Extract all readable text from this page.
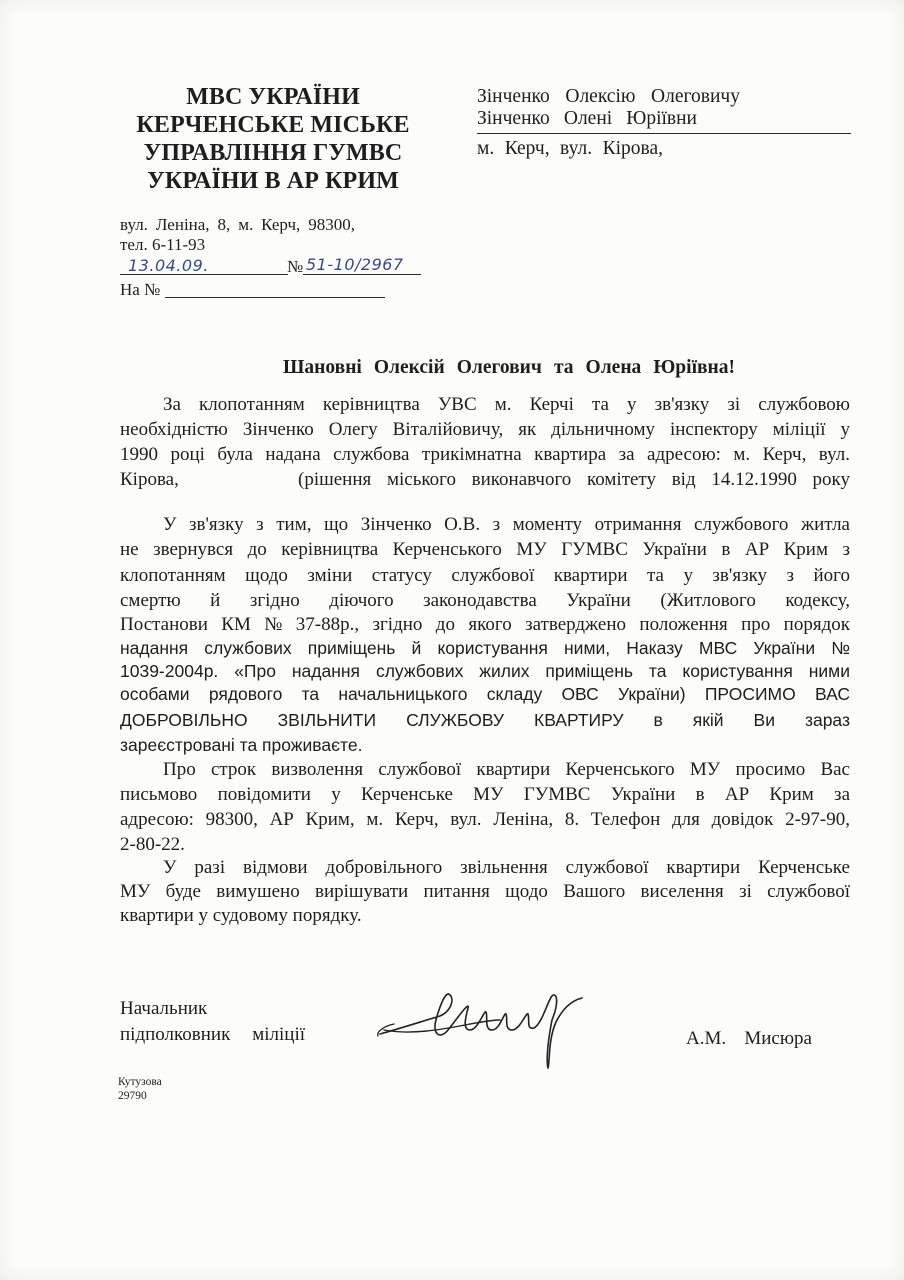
МВС УКРАЇНИ
КЕРЧЕНСЬКЕ МІСЬКЕ
УПРАВЛІННЯ ГУМВС
УКРАЇНИ В АР КРИМ
вул. Леніна, 8, м. Керч, 98300,
тел. 6-11-93
13.04.09.	№ 51-10/2967
На №
Зінченко Олексію Олеговичу
Зінченко Олені Юріївни
м. Керч, вул. Кірова,
Шановні Олексій Олегович та Олена Юріївна!
За клопотанням керівництва УВС м. Керчі та у зв'язку зі службовою
необхідністю Зінченко Олегу Віталійовичу, як дільничному інспектору міліції у
1990 році була надана службова трикімнатна квартира за адресою: м. Керч, вул.
Кірова,	(рішення міського виконавчого комітету від 14.12.1990 року
У зв'язку з тим, що Зінченко О.В. з моменту отримання службового житла
не звернувся до керівництва Керченського МУ ГУМВС України в АР Крим з
клопотанням щодо зміни статусу службової квартири та у зв'язку з його
смертю й згідно діючого законодавства України (Житлового кодексу,
Постанови КМ № 37-88р., згідно до якого затверджено положення про порядок
надання службових приміщень й користування ними, Наказу МВС України №
1039-2004р. «Про надання службових жилих приміщень та користування ними
особами рядового та начальницького складу ОВС України) ПРОСИМО ВАС
ДОБРОВІЛЬНО ЗВІЛЬНИТИ СЛУЖБОВУ КВАРТИРУ в якій Ви зараз
зареєстровані та проживаєте.
Про строк визволення службової квартири Керченського МУ просимо Вас
письмово повідомити у Керченське МУ ГУМВС України в АР Крим за
адресою: 98300, АР Крим, м. Керч, вул. Леніна, 8. Телефон для довідок 2-97-90,
2-80-22.
У разі відмови добровільного звільнення службової квартири Керченське
МУ буде вимушено вирішувати питання щодо Вашого виселення зі службової
квартири у судовому порядку.
Начальник
підполковник міліції	А.М. Мисюра
Кутузова
29790
